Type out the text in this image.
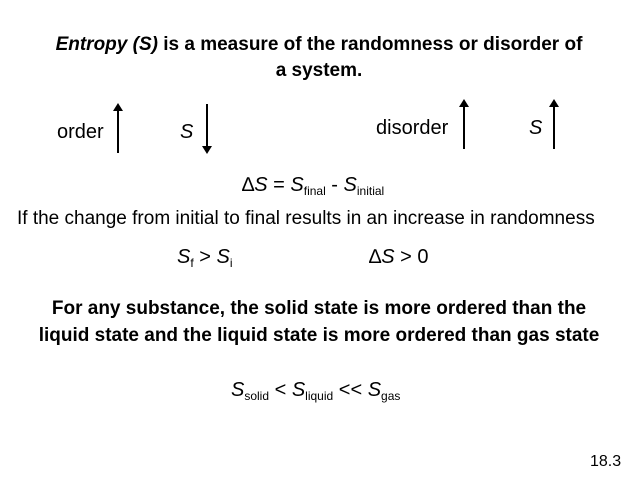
Entropy (S) is a measure of the randomness or disorder of
a system.
order	S	disorder	S
$\Delta S = S_{final} - S_{initial}$
If the change from initial to final results in an increase in randomness
$S_f > S_i$	∆S > 0
For any substance, the solid state is more ordered than the
liquid state and the liquid state is more ordered than gas state
$S_{solid} < S_{liquid} << S_{gas}$
18.3
